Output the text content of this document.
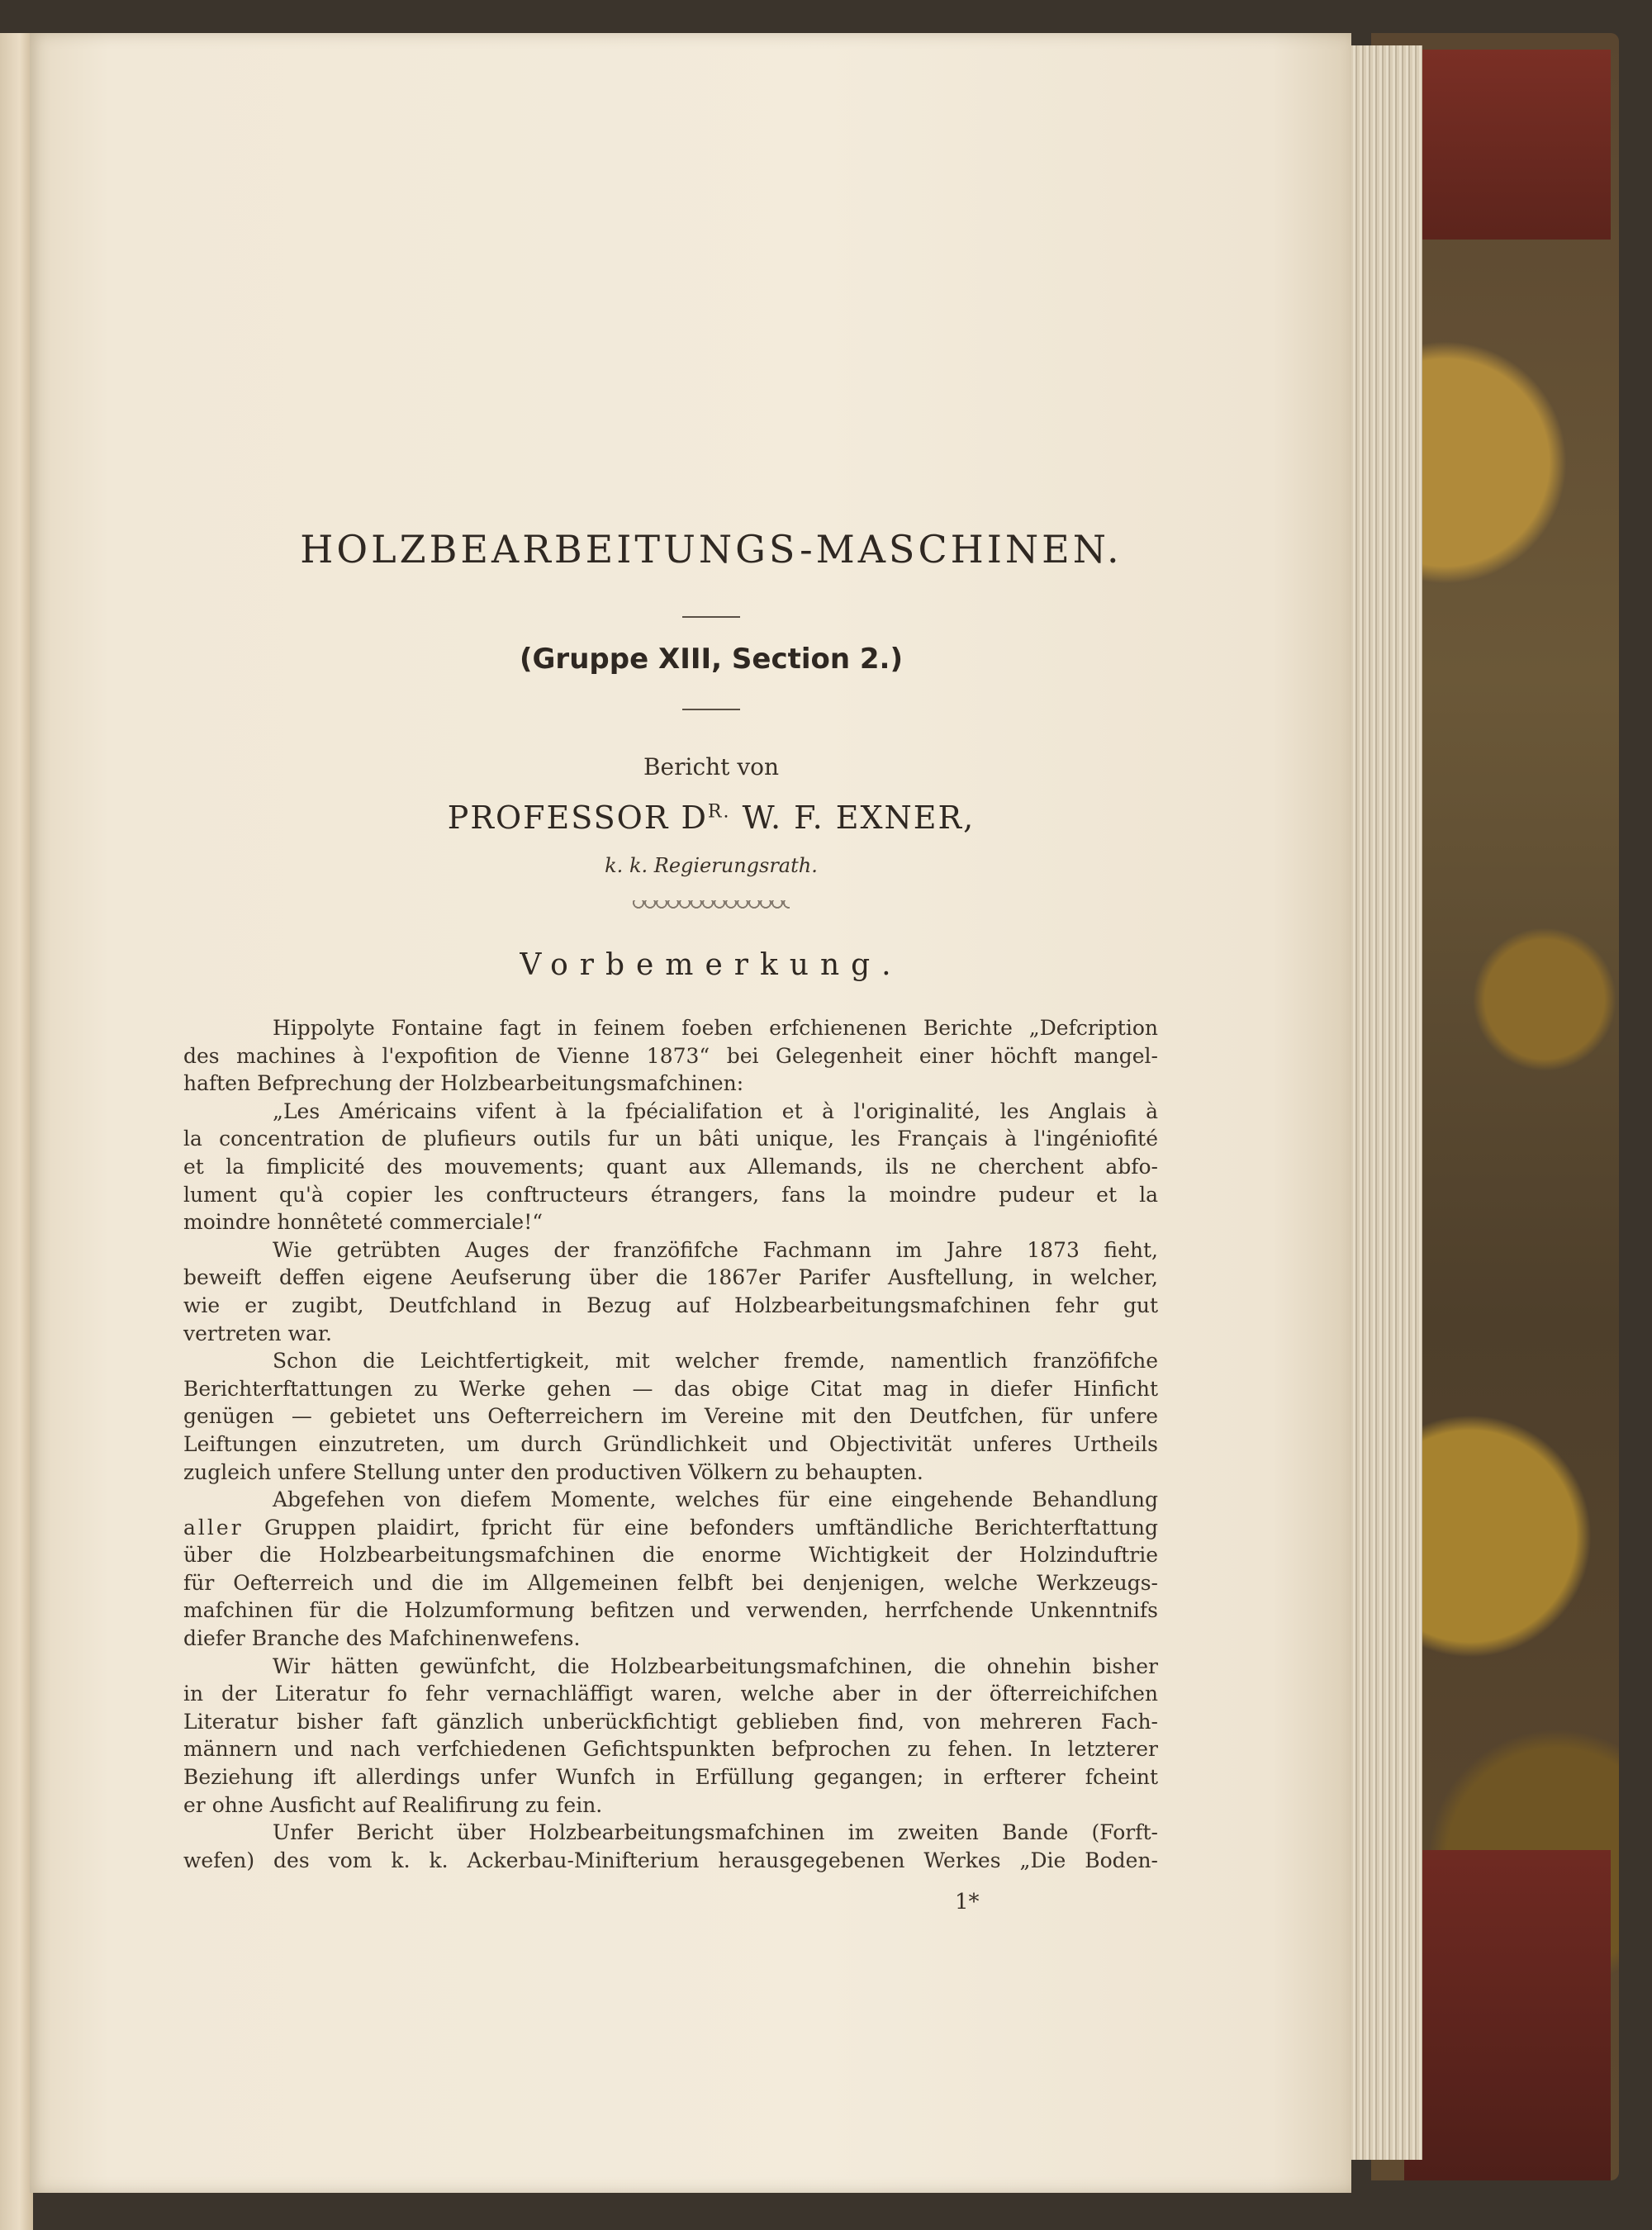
HOLZBEARBEITUNGS-MASCHINEN.
(Gruppe XIII, Section 2.)
Bericht von
PROFESSOR $D^{R.}$ W. F. EXNER,
k. k. Regierungsrath.
Vorbemerkung.
Hippolyte Fontaine fagt in feinem foeben erfchienenen Berichte „Defcription
des machines à l'expofition de Vienne 1873“ bei Gelegenheit einer höchft mangel-
haften Befprechung der Holzbearbeitungsmafchinen:
„Les Américains vifent à la fpécialifation et à l'originalité, les Anglais à
la concentration de plufieurs outils fur un bâti unique, les Français à l'ingéniofité
et la fimplicité des mouvements; quant aux Allemands, ils ne cherchent abfo-
lument qu'à copier les conftructeurs étrangers, fans la moindre pudeur et la
moindre honnêteté commerciale!“
Wie getrübten Auges der franzöfifche Fachmann im Jahre 1873 fieht,
beweift deffen eigene Aeufserung über die 1867er Parifer Ausftellung, in welcher,
wie er zugibt, Deutfchland in Bezug auf Holzbearbeitungsmafchinen fehr gut
vertreten war.
Schon die Leichtfertigkeit, mit welcher fremde, namentlich franzöfifche
Berichterftattungen zu Werke gehen — das obige Citat mag in diefer Hinficht
genügen — gebietet uns Oefterreichern im Vereine mit den Deutfchen, für unfere
Leiftungen einzutreten, um durch Gründlichkeit und Objectivität unferes Urtheils
zugleich unfere Stellung unter den productiven Völkern zu behaupten.
Abgefehen von diefem Momente, welches für eine eingehende Behandlung
aller Gruppen plaidirt, fpricht für eine befonders umftändliche Berichterftattung
über die Holzbearbeitungsmafchinen die enorme Wichtigkeit der Holzinduftrie
für Oefterreich und die im Allgemeinen felbft bei denjenigen, welche Werkzeugs-
mafchinen für die Holzumformung befitzen und verwenden, herrfchende Unkenntnifs
diefer Branche des Mafchinenwefens.
Wir hätten gewünfcht, die Holzbearbeitungsmafchinen, die ohnehin bisher
in der Literatur fo fehr vernachläffigt waren, welche aber in der öfterreichifchen
Literatur bisher faft gänzlich unberückfichtigt geblieben find, von mehreren Fach-
männern und nach verfchiedenen Gefichtspunkten befprochen zu fehen. In letzterer
Beziehung ift allerdings unfer Wunfch in Erfüllung gegangen; in erfterer fcheint
er ohne Ausficht auf Realifirung zu fein.
Unfer Bericht über Holzbearbeitungsmafchinen im zweiten Bande (Forft-
wefen) des vom k. k. Ackerbau-Minifterium herausgegebenen Werkes „Die Boden-
1*
